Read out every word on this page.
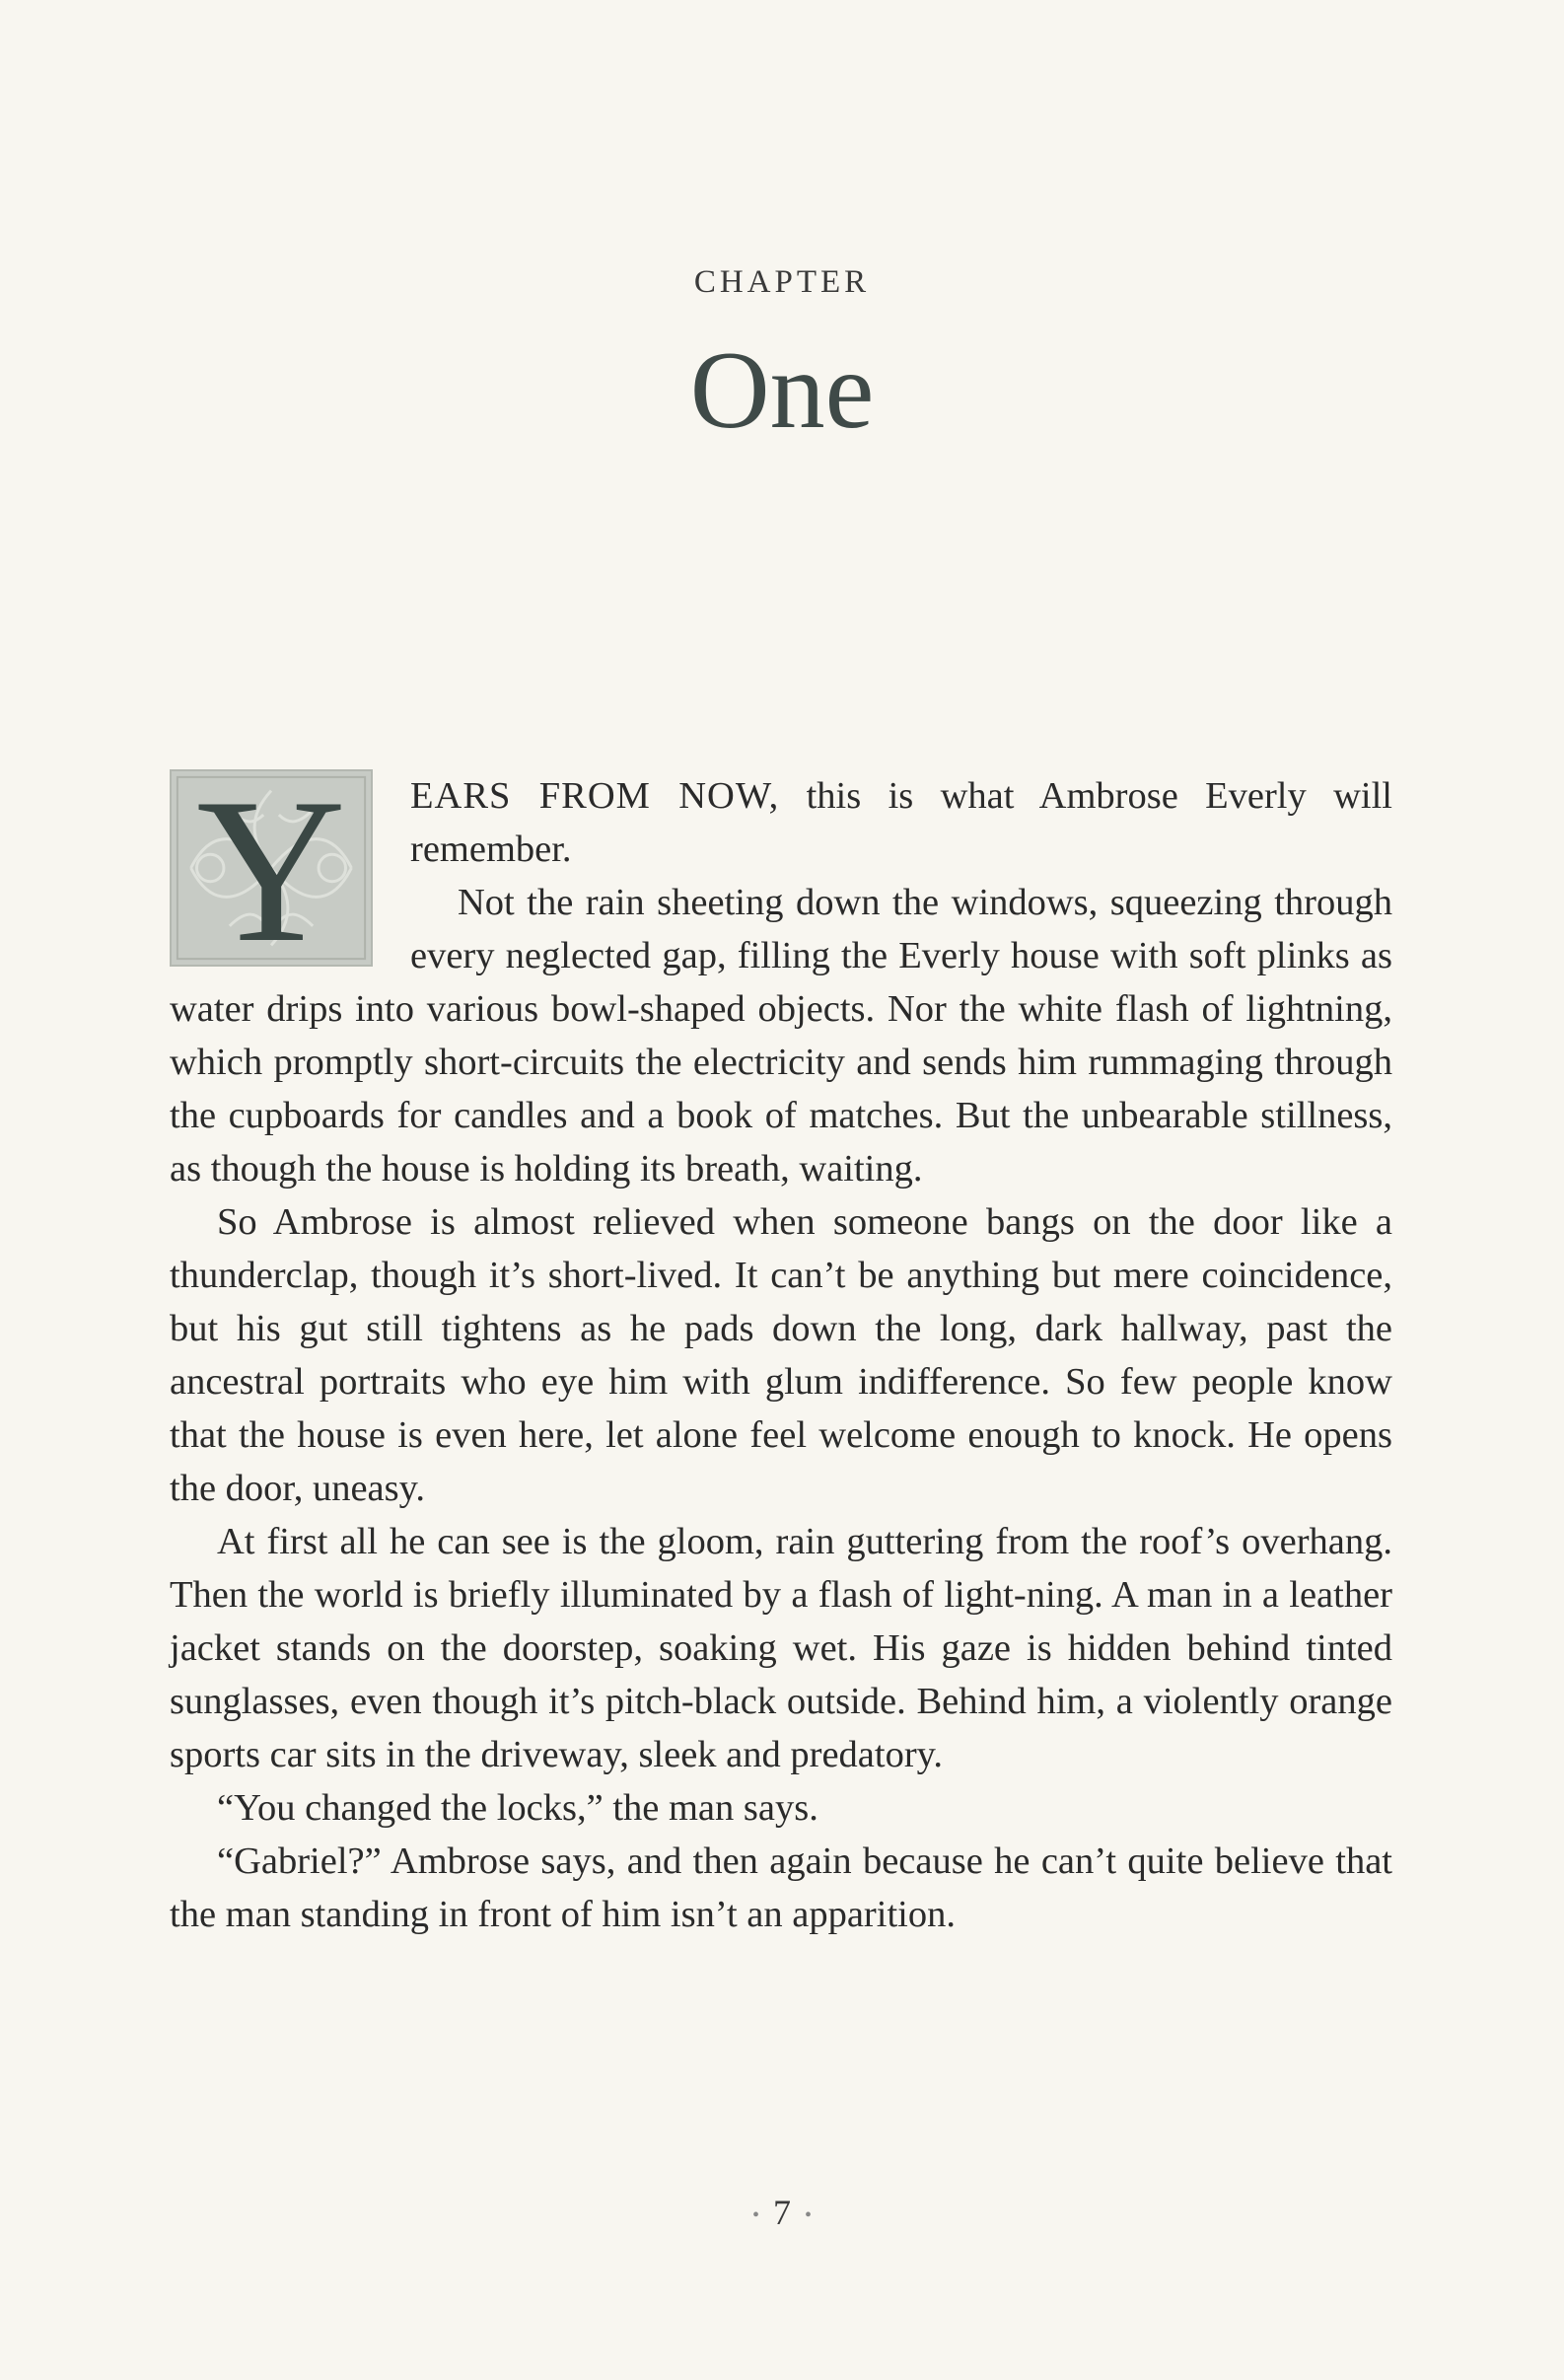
CHAPTER
One

Y	EARS FROM NOW, this is what Ambrose Everly will remember.

Not the rain sheeting down the windows, squeezing through every neglected gap, filling the Everly house with soft plinks as water drips into various bowl-shaped objects. Nor the white flash of lightning, which promptly short-circuits the electricity and sends him rummaging through the cupboards for candles and a book of matches. But the unbearable stillness, as though the house is holding its breath, waiting.

So Ambrose is almost relieved when someone bangs on the door like a thunderclap, though it’s short-lived. It can’t be anything but mere coincidence, but his gut still tightens as he pads down the long, dark hallway, past the ancestral portraits who eye him with glum indifference. So few people know that the house is even here, let alone feel welcome enough to knock. He opens the door, uneasy.

At first all he can see is the gloom, rain guttering from the roof’s overhang. Then the world is briefly illuminated by a flash of light-ning. A man in a leather jacket stands on the doorstep, soaking wet. His gaze is hidden behind tinted sunglasses, even though it’s pitch-black outside. Behind him, a violently orange sports car sits in the driveway, sleek and predatory.

“You changed the locks,” the man says.

“Gabriel?” Ambrose says, and then again because he can’t quite believe that the man standing in front of him isn’t an apparition.

• 7 •
